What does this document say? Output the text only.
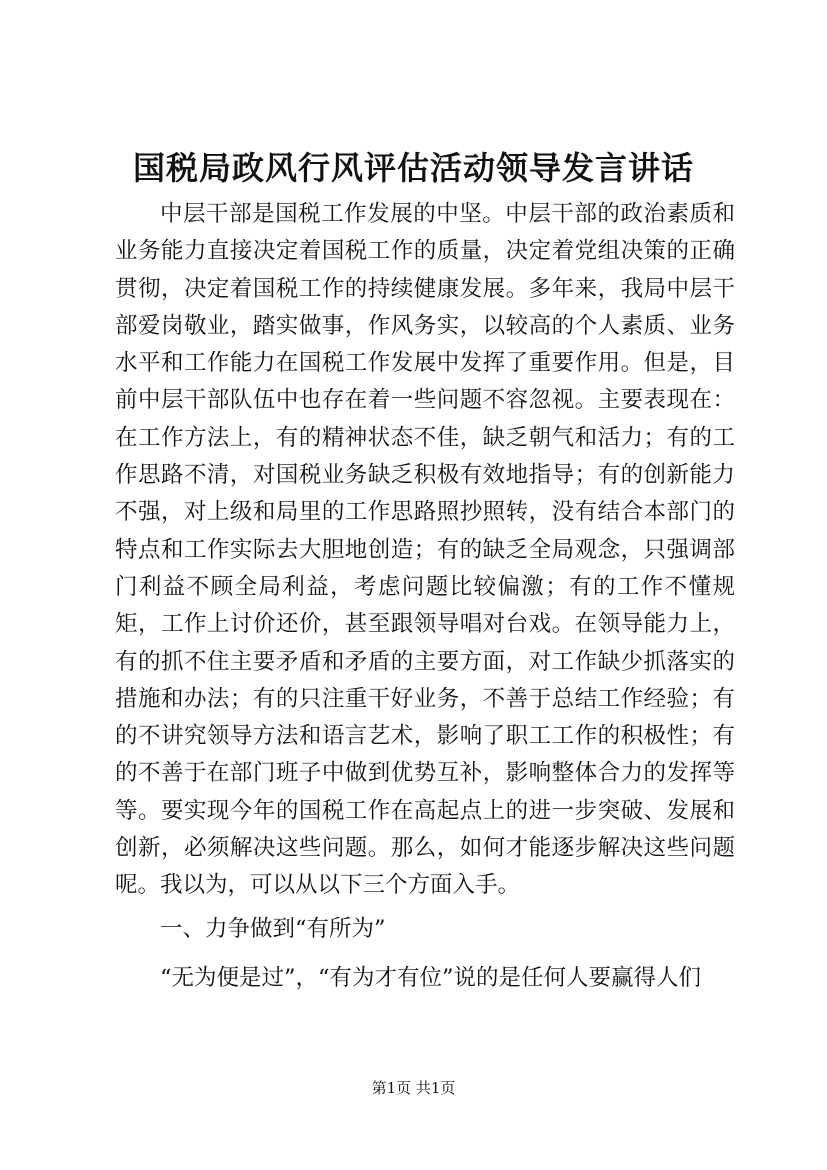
国税局政风行风评估活动领导发言讲话

中层干部是国税工作发展的中坚。中层干部的政治素质和业务能力直接决定着国税工作的质量，决定着党组决策的正确贯彻，决定着国税工作的持续健康发展。多年来，我局中层干部爱岗敬业，踏实做事，作风务实，以较高的个人素质、业务水平和工作能力在国税工作发展中发挥了重要作用。但是，目前中层干部队伍中也存在着一些问题不容忽视。主要表现在：在工作方法上，有的精神状态不佳，缺乏朝气和活力；有的工作思路不清，对国税业务缺乏积极有效地指导；有的创新能力不强，对上级和局里的工作思路照抄照转，没有结合本部门的特点和工作实际去大胆地创造；有的缺乏全局观念，只强调部门利益不顾全局利益，考虑问题比较偏激；有的工作不懂规矩，工作上讨价还价，甚至跟领导唱对台戏。在领导能力上，有的抓不住主要矛盾和矛盾的主要方面，对工作缺少抓落实的措施和办法；有的只注重干好业务，不善于总结工作经验；有的不讲究领导方法和语言艺术，影响了职工工作的积极性；有的不善于在部门班子中做到优势互补，影响整体合力的发挥等等。要实现今年的国税工作在高起点上的进一步突破、发展和创新，必须解决这些问题。那么，如何才能逐步解决这些问题呢。我以为，可以从以下三个方面入手。

一、力争做到“有所为”

“无为便是过”，“有为才有位”说的是任何人要赢得人们

第1页 共1页
